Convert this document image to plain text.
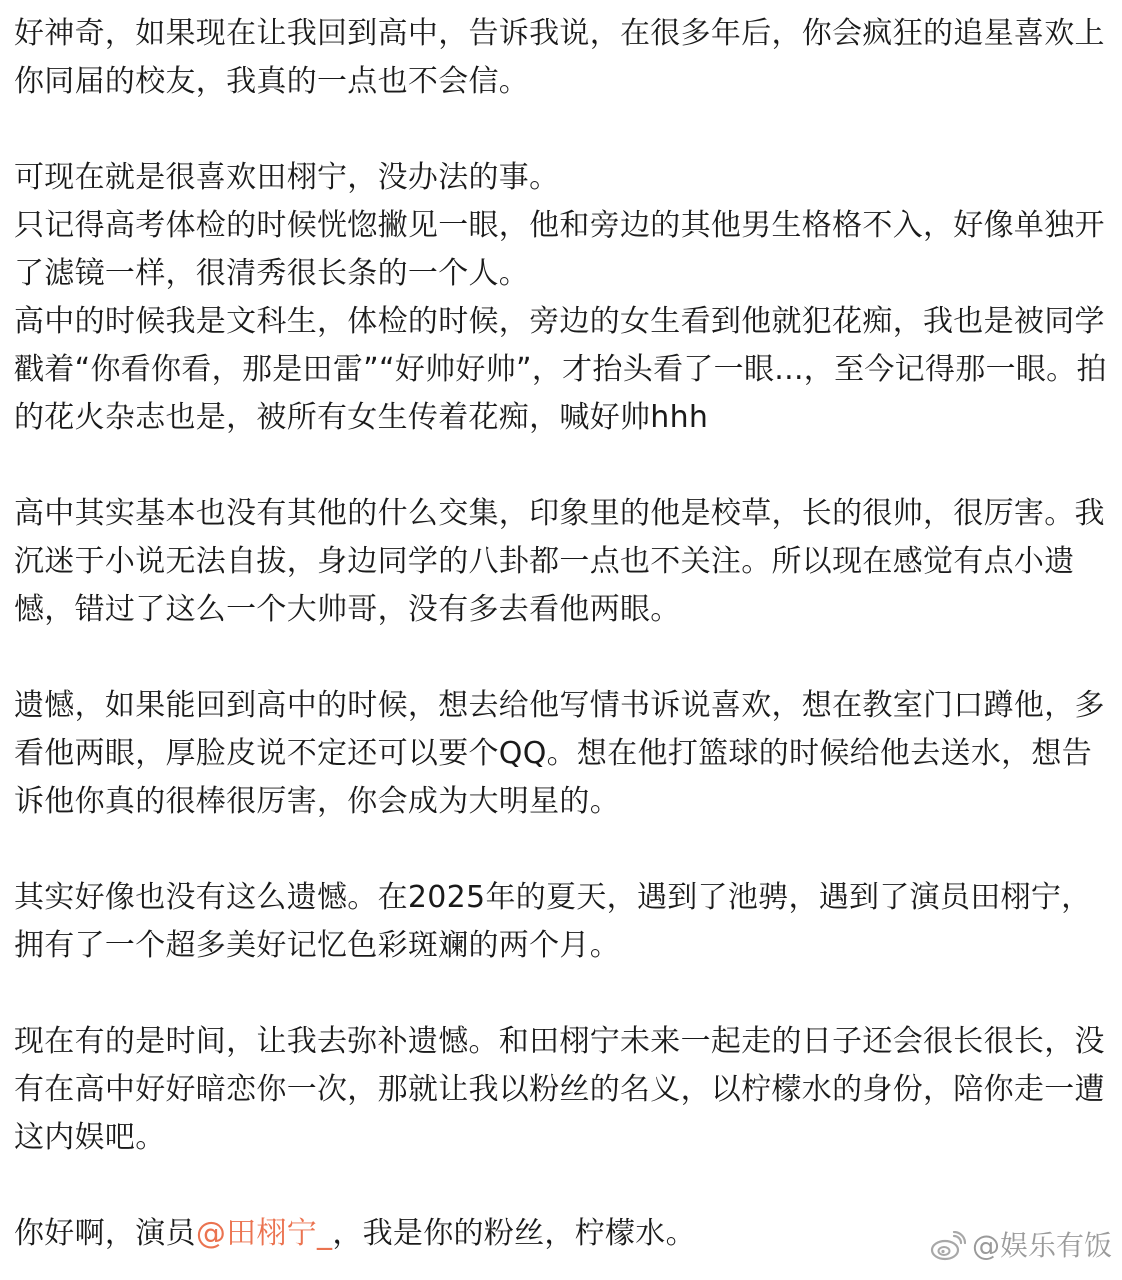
好神奇，如果现在让我回到高中，告诉我说，在很多年后，你会疯狂的追星喜欢上你同届的校友，我真的一点也不会信。

可现在就是很喜欢田栩宁，没办法的事。

只记得高考体检的时候恍惚撇见一眼，他和旁边的其他男生格格不入，好像单独开了滤镜一样，很清秀很长条的一个人。

高中的时候我是文科生，体检的时候，旁边的女生看到他就犯花痴，我也是被同学戳着“你看你看，那是田雷”“好帅好帅”，才抬头看了一眼...，至今记得那一眼。拍的花火杂志也是，被所有女生传着花痴，喊好帅hhh

高中其实基本也没有其他的什么交集，印象里的他是校草，长的很帅，很厉害。我沉迷于小说无法自拔，身边同学的八卦都一点也不关注。所以现在感觉有点小遗憾，错过了这么一个大帅哥，没有多去看他两眼。

遗憾，如果能回到高中的时候，想去给他写情书诉说喜欢，想在教室门口蹲他，多看他两眼，厚脸皮说不定还可以要个QQ。想在他打篮球的时候给他去送水，想告诉他你真的很棒很厉害，你会成为大明星的。

其实好像也没有这么遗憾。在2025年的夏天，遇到了池骋，遇到了演员田栩宁，拥有了一个超多美好记忆色彩斑斓的两个月。

现在有的是时间，让我去弥补遗憾。和田栩宁未来一起走的日子还会很长很长，没有在高中好好暗恋你一次，那就让我以粉丝的名义，以柠檬水的身份，陪你走一遭这内娱吧。

你好啊，演员@田栩宁_，我是你的粉丝，柠檬水。	@娱乐有饭
